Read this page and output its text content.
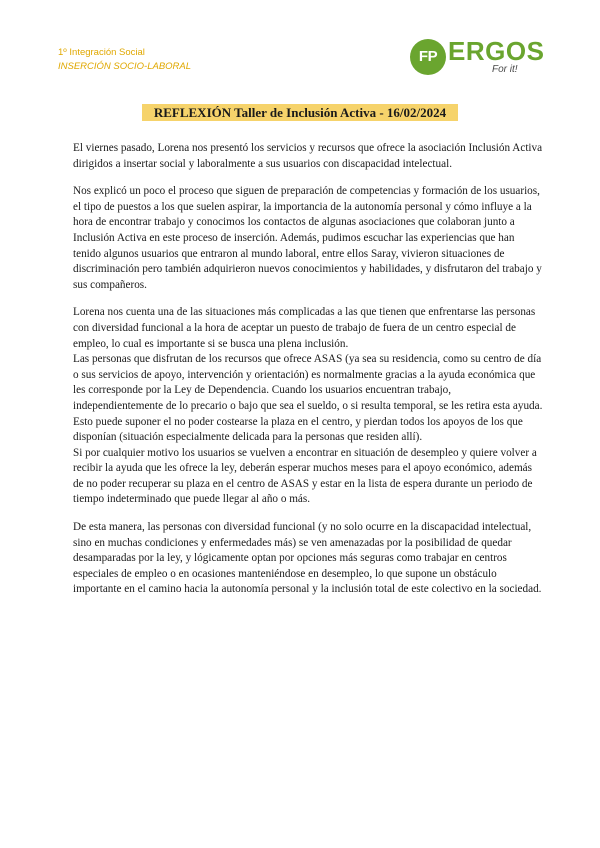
1º Integración Social
INSERCIÓN SOCIO-LABORAL
FP ERGOS
For it!
REFLEXIÓN Taller de Inclusión Activa - 16/02/2024

El viernes pasado, Lorena nos presentó los servicios y recursos que ofrece la asociación Inclusión Activa dirigidos a insertar social y laboralmente a sus usuarios con discapacidad intelectual.

Nos explicó un poco el proceso que siguen de preparación de competencias y formación de los usuarios, el tipo de puestos a los que suelen aspirar, la importancia de la autonomía personal y cómo influye a la hora de encontrar trabajo y conocimos los contactos de algunas asociaciones que colaboran junto a Inclusión Activa en este proceso de inserción. Además, pudimos escuchar las experiencias que han tenido algunos usuarios que entraron al mundo laboral, entre ellos Saray, vivieron situaciones de discriminación pero también adquirieron nuevos conocimientos y habilidades, y disfrutaron del trabajo y sus compañeros.

Lorena nos cuenta una de las situaciones más complicadas a las que tienen que enfrentarse las personas con diversidad funcional a la hora de aceptar un puesto de trabajo de fuera de un centro especial de empleo, lo cual es importante si se busca una plena inclusión.

Las personas que disfrutan de los recursos que ofrece ASAS (ya sea su residencia, como su centro de día o sus servicios de apoyo, intervención y orientación) es normalmente gracias a la ayuda económica que les corresponde por la Ley de Dependencia. Cuando los usuarios encuentran trabajo, independientemente de lo precario o bajo que sea el sueldo, o si resulta temporal, se les retira esta ayuda. Esto puede suponer el no poder costearse la plaza en el centro, y pierdan todos los apoyos de los que disponían (situación especialmente delicada para la personas que residen allí).

Si por cualquier motivo los usuarios se vuelven a encontrar en situación de desempleo y quiere volver a recibir la ayuda que les ofrece la ley, deberán esperar muchos meses para el apoyo económico, además de no poder recuperar su plaza en el centro de ASAS y estar en la lista de espera durante un periodo de tiempo indeterminado que puede llegar al año o más.

De esta manera, las personas con diversidad funcional (y no solo ocurre en la discapacidad intelectual, sino en muchas condiciones y enfermedades más) se ven amenazadas por la posibilidad de quedar desamparadas por la ley, y lógicamente optan por opciones más seguras como trabajar en centros especiales de empleo o en ocasiones manteniéndose en desempleo, lo que supone un obstáculo importante en el camino hacia la autonomía personal y la inclusión total de este colectivo en la sociedad.
